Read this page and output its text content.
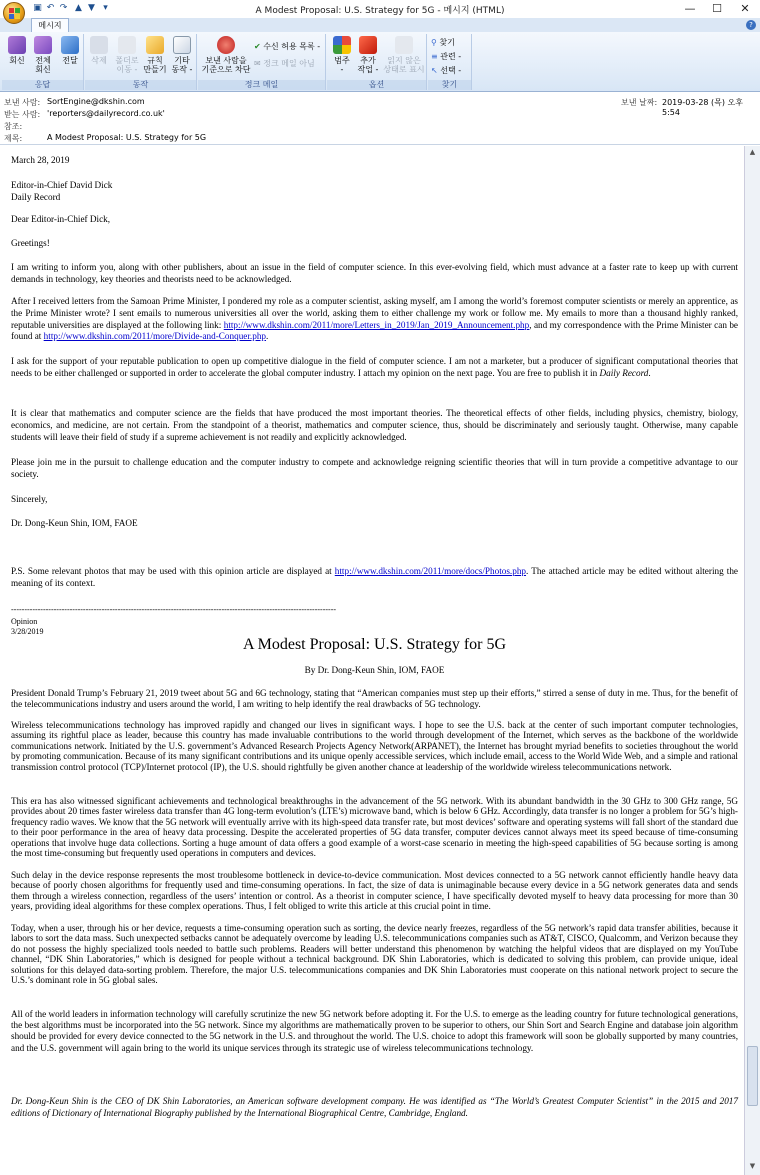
▣ ↶ ↷ ▲ ▼ ▾	A Modest Proposal: U.S. Strategy for 5G - 메시지 (HTML)	—	☐	✕
메시지	?
회신	전체
회신
전달
응답
삭제	폴더로
이동 -
규칙
만들기
기타
동작 -
동작
보낸 사람을
기준으로 차단
✔ 수신 허용 목록 -
✉ 정크 메일 아님
정크 메일
범주
-
추가
작업 -
읽지 않은
상태로 표시
옵션
⚲ 찾기
≡ 관련 -
↖ 선택 -
찾기
보낸 사람: SortEngine@dkshin.com
받는 사람: 'reporters@dailyrecord.co.uk'
참조:
제목:	A Modest Proposal: U.S. Strategy for 5G
보낸 날짜: 2019-03-28 (목) 오후 5:54
March 28, 2019
Editor-in-Chief David Dick
Daily Record
Dear Editor-in-Chief Dick,
Greetings!
I am writing to inform you, along with other publishers, about an issue in the field of computer science. In this ever-evolving field, which must advance at a faster rate to keep up with current demands in technology, key theories and theorists need to be acknowledged.
After I received letters from the Samoan Prime Minister, I pondered my role as a computer scientist, asking myself, am I among the world’s foremost computer scientists or merely an apprentice, as the Prime Minister wrote? I sent emails to numerous universities all over the world, asking them to either challenge my work or follow me. My emails to more than a thousand highly ranked, reputable universities are displayed at the following link: http://www.dkshin.com/2011/more/Letters_in_2019/Jan_2019_Announcement.php, and my correspondence with the Prime Minister can be found at http://www.dkshin.com/2011/more/Divide-and-Conquer.php.
I ask for the support of your reputable publication to open up competitive dialogue in the field of computer science. I am not a marketer, but a producer of significant computational theories that needs to be either challenged or supported in order to accelerate the global computer industry. I attach my opinion on the next page. You are free to publish it in Daily Record.
It is clear that mathematics and computer science are the fields that have produced the most important theories. The theoretical effects of other fields, including physics, chemistry, biology, economics, and medicine, are not certain. From the standpoint of a theorist, mathematics and computer science, thus, should be discriminately and seriously taught. Otherwise, many capable students will leave their field of study if a supreme achievement is not readily and explicitly acknowledged.
Please join me in the pursuit to challenge education and the computer industry to compete and acknowledge reigning scientific theories that will in turn provide a competitive advantage to our society.
Sincerely,
Dr. Dong-Keun Shin, IOM, FAOE
P.S. Some relevant photos that may be used with this opinion article are displayed at http://www.dkshin.com/2011/more/docs/Photos.php. The attached article may be edited without altering the meaning of its context.
--------------------------------------------------------------------------------------------------------------------------
Opinion
3/28/2019
A Modest Proposal: U.S. Strategy for 5G
By Dr. Dong-Keun Shin, IOM, FAOE
President Donald Trump’s February 21, 2019 tweet about 5G and 6G technology, stating that “American companies must step up their efforts,” stirred a sense of duty in me. Thus, for the benefit of the telecommunications industry and users around the world, I am writing to help identify the real drawbacks of 5G technology.
Wireless telecommunications technology has improved rapidly and changed our lives in significant ways. I hope to see the U.S. back at the center of such important computer technologies, assuming its rightful place as leader, because this country has made invaluable contributions to the world through development of the Internet, which serves as the backbone of the worldwide communications network. Initiated by the U.S. government’s Advanced Research Projects Agency Network(ARPANET), the Internet has brought myriad benefits to societies throughout the world by promoting communication. Because of its many significant contributions and its unique openly accessible services, which include email, access to the World Wide Web, and a simple and rational transmission control protocol (TCP)/Internet protocol (IP), the U.S. should rightfully be given another chance at leadership of the worldwide wireless telecommunications network.
This era has also witnessed significant achievements and technological breakthroughs in the advancement of the 5G network. With its abundant bandwidth in the 30 GHz to 300 GHz range, 5G provides about 20 times faster wireless data transfer than 4G long-term evolution’s (LTE’s) microwave band, which is below 6 GHz. Accordingly, data transfer is no longer a problem for 5G’s high-frequency radio waves. We know that the 5G network will eventually arrive with its high-speed data transfer rate, but most devices’ software and operating systems will fall short of the standard due to their poor performance in the area of heavy data processing. Despite the accelerated properties of 5G data transfer, computer devices cannot always meet its speed because of time-consuming operations that involve huge data collections. Sorting a huge amount of data offers a good example of a worst-case scenario in meeting the high-speed capabilities of 5G because sorting is among the most time-consuming but frequently used operations in computers and devices.
Such delay in the device response represents the most troublesome bottleneck in device-to-device communication. Most devices connected to a 5G network cannot efficiently handle heavy data because of poorly chosen algorithms for frequently used and time-consuming operations. In fact, the size of data is unimaginable because every device in a 5G network generates data and sends them through a wireless connection, regardless of the users’ intention or control. As a theorist in computer science, I have specifically devoted myself to heavy data processing for more than 30 years, providing ideal algorithms for these complex operations. Thus, I felt obliged to write this article at this crucial point in time.
Today, when a user, through his or her device, requests a time-consuming operation such as sorting, the device nearly freezes, regardless of the 5G network’s rapid data transfer abilities, because it labors to sort the data mass. Such unexpected setbacks cannot be adequately overcome by leading U.S. telecommunications companies such as AT&T, CISCO, Qualcomm, and Verizon because they do not possess the highly specialized tools needed to battle such problems. Readers will better understand this phenomenon by watching the helpful videos that are displayed on my YouTube channel, “DK Shin Laboratories,” which is designed for people without a technical background. DK Shin Laboratories, which is dedicated to solving this problem, can provide unique, ideal solutions for this delayed data-sorting problem. Therefore, the major U.S. telecommunications companies and DK Shin Laboratories must cooperate on this national network project to secure the U.S.’s dominant role in 5G global sales.
All of the world leaders in information technology will carefully scrutinize the new 5G network before adopting it. For the U.S. to emerge as the leading country for future technological generations, the best algorithms must be incorporated into the 5G network. Since my algorithms are mathematically proven to be superior to others, our Shin Sort and Search Engine and database join algorithm should be provided for every device connected to the 5G network in the U.S. and throughout the world. The U.S. choice to adopt this framework will soon be globally supported by many countries, and the U.S. government will again bring to the world its unique services through its strategic use of wireless telecommunications technology.
Dr. Dong-Keun Shin is the CEO of DK Shin Laboratories, an American software development company. He was identified as “The World’s Greatest Computer Scientist” in the 2015 and 2017 editions of Dictionary of International Biography published by the International Biographical Centre, Cambridge, England.
▲
▼
